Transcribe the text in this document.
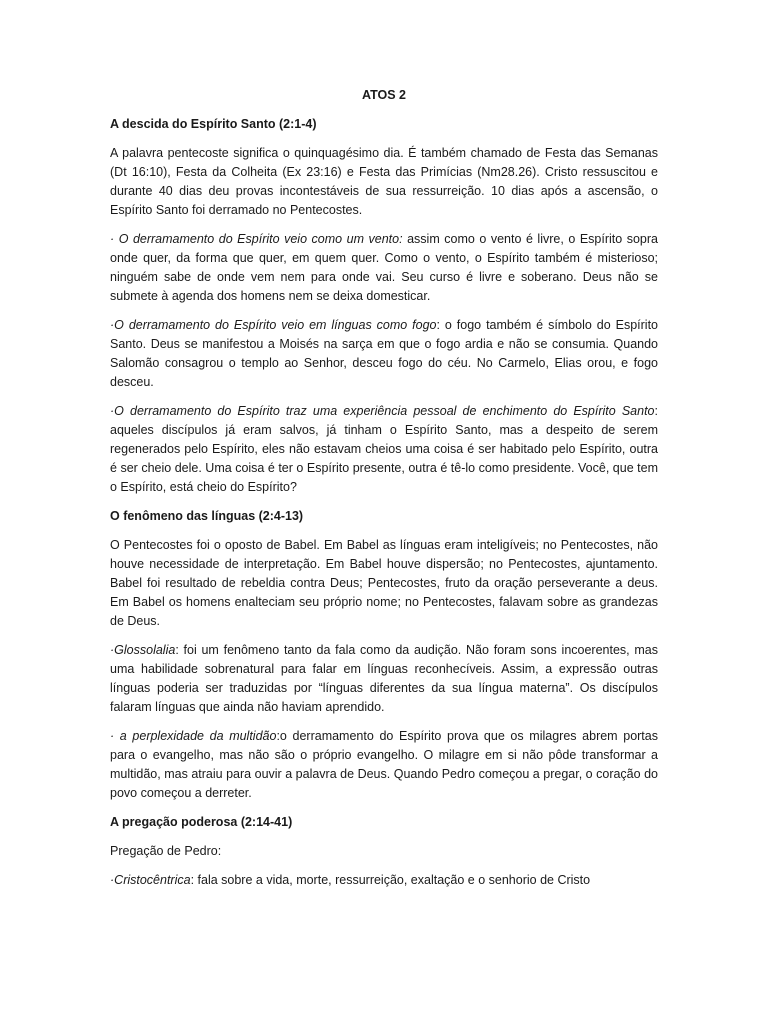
ATOS 2
A descida do Espírito Santo (2:1-4)

A palavra pentecoste significa o quinquagésimo dia. É também chamado de Festa das Semanas (Dt 16:10), Festa da Colheita (Ex 23:16) e Festa das Primícias (Nm28.26). Cristo ressuscitou e durante 40 dias deu provas incontestáveis de sua ressurreição. 10 dias após a ascensão, o Espírito Santo foi derramado no Pentecostes.

· O derramamento do Espírito veio como um vento: assim como o vento é livre, o Espírito sopra onde quer, da forma que quer, em quem quer. Como o vento, o Espírito também é misterioso; ninguém sabe de onde vem nem para onde vai. Seu curso é livre e soberano. Deus não se submete à agenda dos homens nem se deixa domesticar.

·O derramamento do Espírito veio em línguas como fogo: o fogo também é símbolo do Espírito Santo. Deus se manifestou a Moisés na sarça em que o fogo ardia e não se consumia. Quando Salomão consagrou o templo ao Senhor, desceu fogo do céu. No Carmelo, Elias orou, e fogo desceu.

·O derramamento do Espírito traz uma experiência pessoal de enchimento do Espírito Santo: aqueles discípulos já eram salvos, já tinham o Espírito Santo, mas a despeito de serem regenerados pelo Espírito, eles não estavam cheios uma coisa é ser habitado pelo Espírito, outra é ser cheio dele. Uma coisa é ter o Espírito presente, outra é tê-lo como presidente. Você, que tem o Espírito, está cheio do Espírito?

O fenômeno das línguas (2:4-13)

O Pentecostes foi o oposto de Babel. Em Babel as línguas eram inteligíveis; no Pentecostes, não houve necessidade de interpretação. Em Babel houve dispersão; no Pentecostes, ajuntamento. Babel foi resultado de rebeldia contra Deus; Pentecostes, fruto da oração perseverante a deus. Em Babel os homens enalteciam seu próprio nome; no Pentecostes, falavam sobre as grandezas de Deus.

·Glossolalia: foi um fenômeno tanto da fala como da audição. Não foram sons incoerentes, mas uma habilidade sobrenatural para falar em línguas reconhecíveis. Assim, a expressão outras línguas poderia ser traduzidas por “línguas diferentes da sua língua materna”. Os discípulos falaram línguas que ainda não haviam aprendido.

· a perplexidade da multidão:o derramamento do Espírito prova que os milagres abrem portas para o evangelho, mas não são o próprio evangelho. O milagre em si não pôde transformar a multidão, mas atraiu para ouvir a palavra de Deus. Quando Pedro começou a pregar, o coração do povo começou a derreter.

A pregação poderosa (2:14-41)

Pregação de Pedro:

·Cristocêntrica: fala sobre a vida, morte, ressurreição, exaltação e o senhorio de Cristo
